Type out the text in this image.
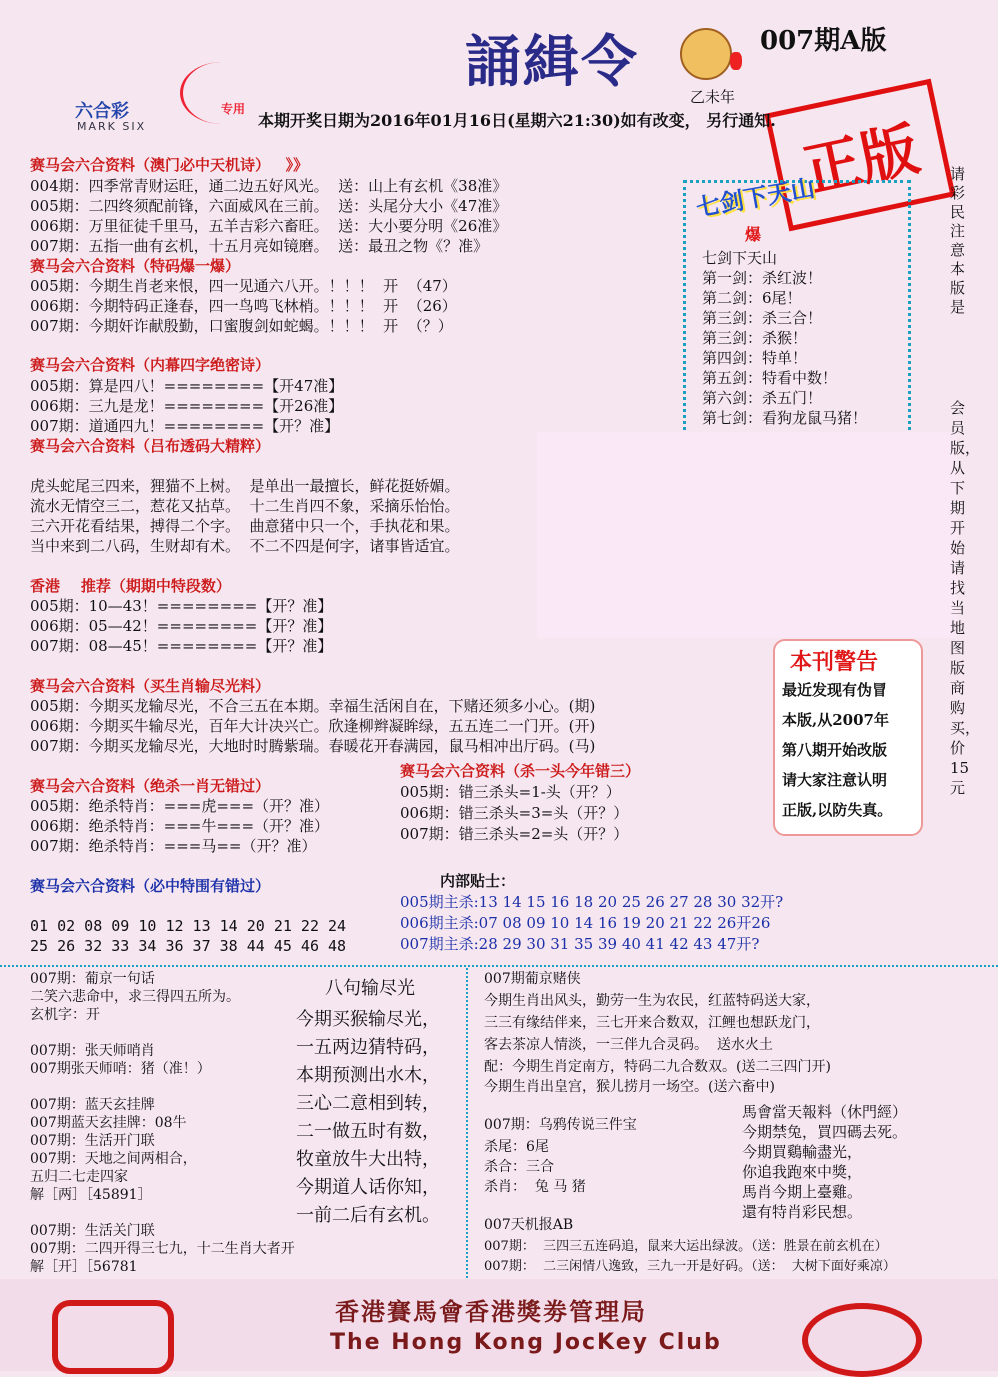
誦緝令	007期A版
乙未年
正版
六合彩
MARK SIX
专用
本期开奖日期为2016年01月16日(星期六21:30)如有改变， 另行通知.
赛马会六合资料（澳门必中天机诗）   》》
004期：四季常青财运旺，通二边五好风光。  送：山上有玄机《38准》
005期：二四终须配前锋，六面威风在三前。  送：头尾分大小《47准》
006期：万里征徒千里马，五羊吉彩六畜旺。  送：大小要分明《26准》
007期：五指一曲有玄机，十五月亮如镜磨。  送：最丑之物《？准》
赛马会六合资料（特码爆一爆）
005期：今期生肖老来恨，四一见通六八开。！！！  开  （47）
006期：今期特码正逢春，四一鸟鸣飞林梢。！！！  开  （26）
007期：今期奸诈献殷勤，口蜜腹剑如蛇蝎。！！！  开  （？）
赛马会六合资料（内幕四字绝密诗）
005期：算是四八！========【开47准】
006期：三九是龙！========【开26准】
007期：道通四九！========【开？准】
赛马会六合资料（吕布透码大精粹）
虎头蛇尾三四来，狸猫不上树。  是单出一最擅长，鲜花挺娇媚。
流水无情空三二，惹花又拈草。  十二生肖四不象，采摘乐怡怡。
三六开花看结果，搏得二个字。  曲意猪中只一个，手执花和果。
当中来到二八码，生财却有术。  不二不四是何字，诸事皆适宜。
香港    推荐（期期中特段数）
005期：10—43！========【开？准】
006期：05—42！========【开？准】
007期：08—45！========【开？准】
赛马会六合资料（买生肖输尽光料）
005期：今期买龙输尽光，不合三五在本期。幸福生活闲自在，下赌还须多小心。(期)
006期：今期买牛输尽光，百年大计决兴亡。欣逢柳辫凝眸绿，五五连二一门开。(开)
007期：今期买龙输尽光，大地时时腾紫瑞。春暖花开春满园，鼠马相冲出厅码。(马)
赛马会六合资料（绝杀一肖无错过）
005期：绝杀特肖：===虎===（开？准）
006期：绝杀特肖：===牛===（开？准）
007期：绝杀特肖：===马==（开？准）
赛马会六合资料（杀一头今年错三）
005期：错三杀头=1-头（开？）
006期：错三杀头=3=头（开？）
007期：错三杀头=2=头（开？）
赛马会六合资料（必中特围有错过）
01 02 08 09 10 12 13 14 20 21 22 24
25 26 32 33 34 36 37 38 44 45 46 48
内部贴士：
005期主杀:13 14 15 16 18 20 25 26 27 28 30 32开?
006期主杀:07 08 09 10 14 16 19 20 21 22 26开26
007期主杀:28 29 30 31 35 39 40 41 42 43 47开?
七剑下天山
爆
七剑下天山
第一剑：杀红波！
第二剑：6尾！
第三剑：杀三合！
第三剑：杀猴！
第四剑：特单！
第五剑：特看中数！
第六剑：杀五门！
第七剑：看狗龙鼠马猪！
请彩民注意本版是
会员版，从下期开始请找当地图版商购买，价15元
本刊警告
最近发现有伪冒
本版,从2007年
第八期开始改版
请大家注意认明
正版,以防失真。
007期：葡京一句话
二笑六悲命中，求三得四五所为。
玄机字：开
007期：张天师哨肖
007期张天师哨：猪（准！）
007期：蓝天玄挂牌
007期蓝天玄挂牌：08牛
007期：生活开门联
007期：天地之间两相合，
五归二七走四家
解［两］［45891］
007期：生活关门联
007期：二四开得三七九，十二生肖大者开
解［开］［56781
八句输尽光
今期买猴输尽光，
一五两边猜特码，
本期预测出水木，
三心二意相到转，
二一做五时有数，
牧童放牛大出特，
今期道人话你知，
一前二后有玄机。
007期葡京赌侠
今期生肖出风头，勤劳一生为农民，红蓝特码送大家，
三三有缘结伴来，三七开来合数双，江鲤也想跃龙门，
客去茶凉人情淡，一三伴九合灵码。  送水火土
配：今期生肖定南方，特码二九合数双。(送二三四门开)
今期生肖出皇宫，猴儿捞月一场空。(送六畜中)
007期：乌鸦传说三件宝
杀尾：6尾
杀合：三合
杀肖：  兔 马 猪
007天机报AB
007期：  三四三五连码追，鼠来大运出绿波。（送：胜景在前玄机在）
007期：  二三闲情八逸致，三九一开是好码。（送：  大树下面好乘凉）
馬會當天報料（休門經）
今期禁兔，買四碼去死。
今期買鷄輸盡光，
你追我跑來中獎，
馬肖今期上臺雞。
還有特肖彩民想。
香港賽馬會香港獎劵管理局
The Hong Kong JocKey Club
